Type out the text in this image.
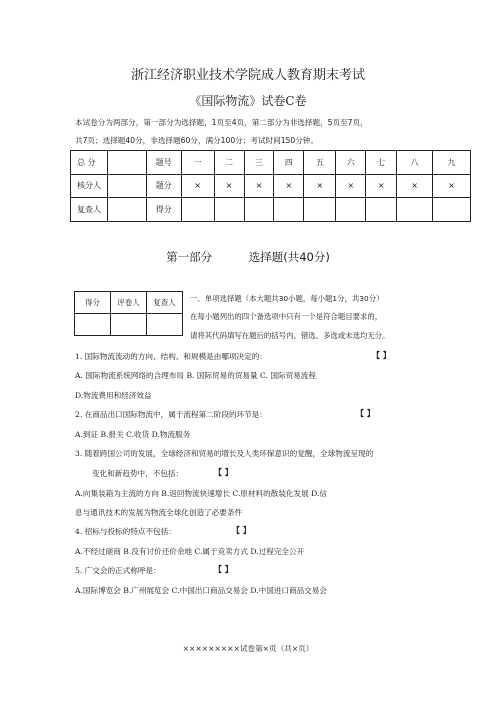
浙江经济职业技术学院成人教育期末考试
《国际物流》试卷C卷
本试卷分为两部分，第一部分为选择题，1页至4页，第二部分为非选择题，5页至7页，
共7页；选择题40分，非选择题60分，满分100分；考试时间150分钟。
总 分		题号	一	二	三	四	五	六	七	八	九
核分人		题分	×	×	×	×	×	×	×	×	×
复查人		得分									
第一部分          选择题(共40分)
得分	评卷人	复查人
		一、单项选择题（本大题共30小题，每小题1分，共30分）
在每小题列出的四个备选项中只有一个是符合题目要求的，
请将其代码填写在题后的括号内。错选、多选或未选均无分。
1. 国际物流流动的方向、结构、和规模是由哪项决定的：	【 】
A. 国际物流系统网络的合理布局 B. 国际贸易的贸易量 C. 国际贸易流程
D.物流费用和经济效益
2. 在商品出口国际物流中，属于流程第二阶段的环节是：	【 】
A.到证 B.报关 C.收货 D.物流服务
3. 随着跨国公司的发展，全球经济和贸易的增长及人类环保意识的觉醒，全球物流呈现的
变化和新趋势中，不包括：	【 】
A.向集装箱为主流的方向 B.返回物流快速增长 C.原材料的散装化发展 D.信
息与通讯技术的发展为物流全球化创造了必要条件
4. 招标与投标的特点不包括：	【 】
A.不经过磋商 B.没有讨价还价余地 C.属于竞卖方式 D.过程完全公开
5. 广交会的正式称呼是：	【 】
A.国际博览会 B.广州展览会 C.中国出口商品交易会 D.中国进口商品交易会
×××××××××试卷第×页（共×页）
